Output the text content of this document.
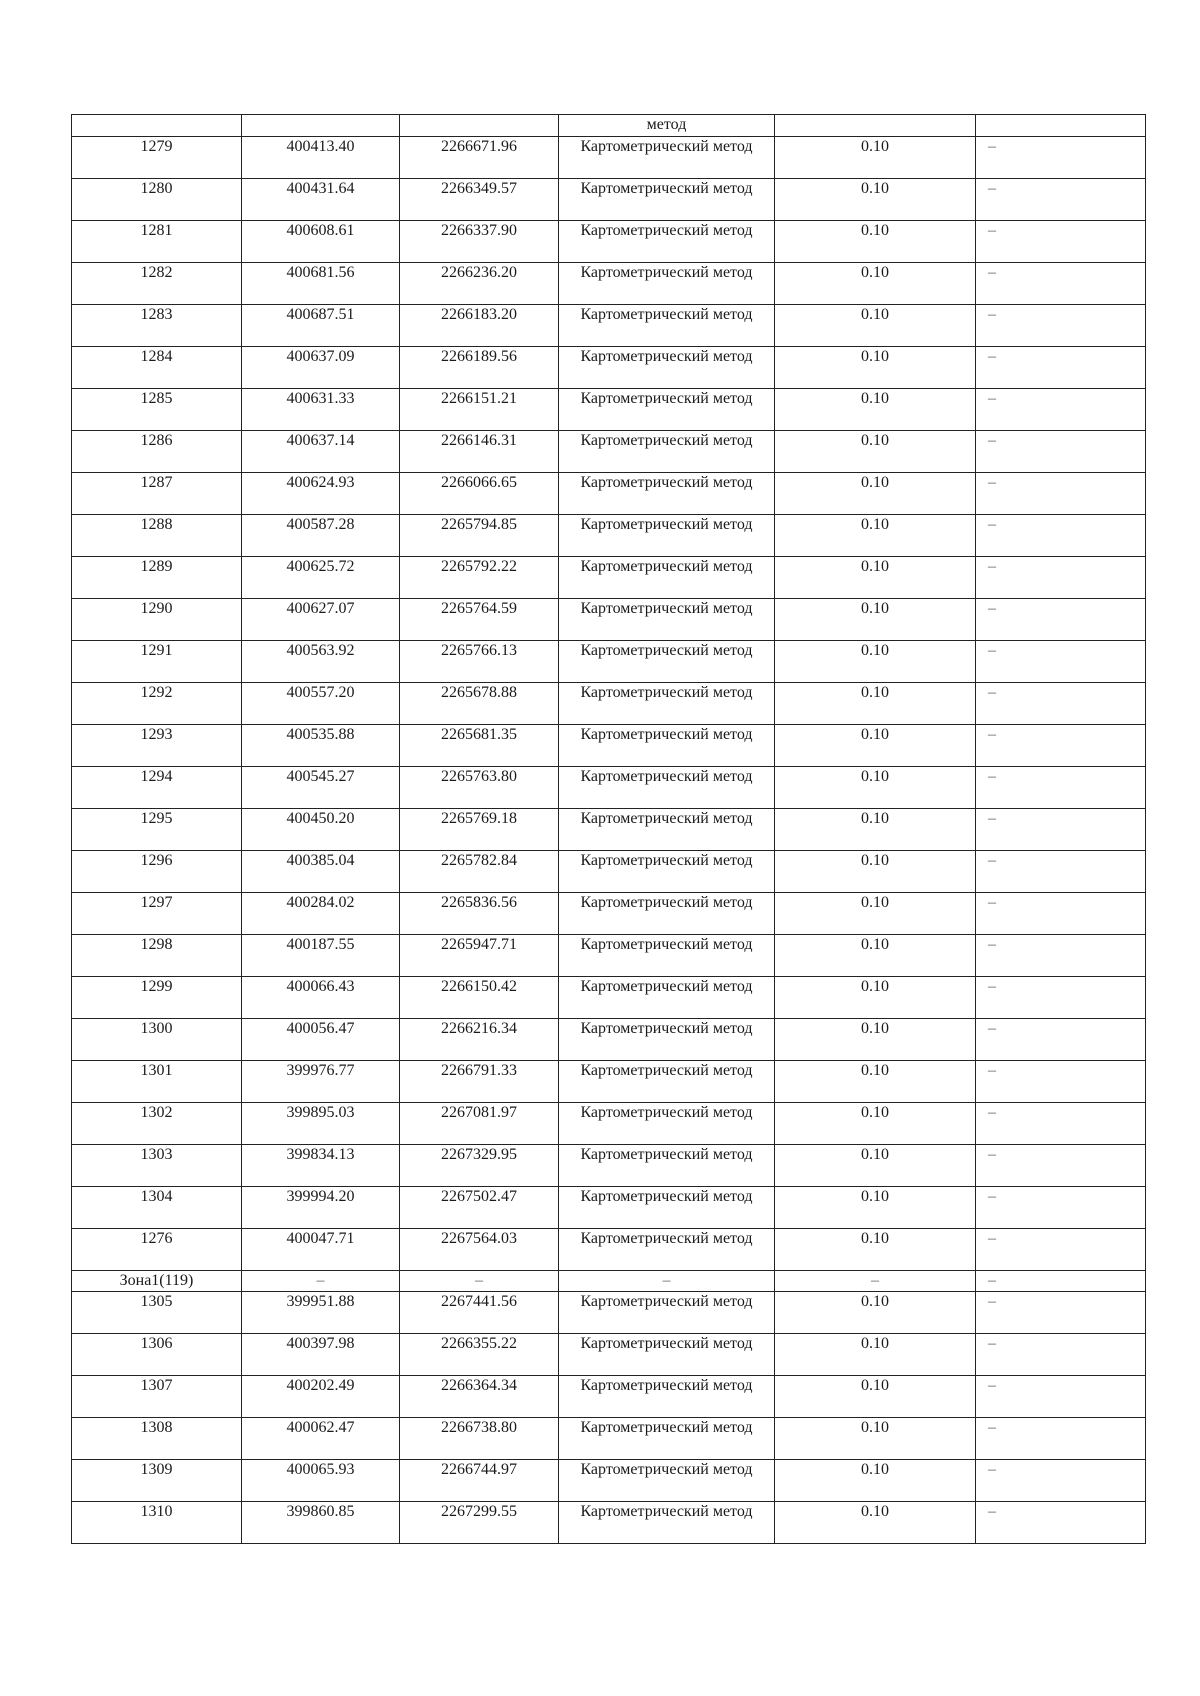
			метод		

1279	400413.40	2266671.96	Картометрический метод	0.10	–
1280	400431.64	2266349.57	Картометрический метод	0.10	–
1281	400608.61	2266337.90	Картометрический метод	0.10	–
1282	400681.56	2266236.20	Картометрический метод	0.10	–
1283	400687.51	2266183.20	Картометрический метод	0.10	–
1284	400637.09	2266189.56	Картометрический метод	0.10	–
1285	400631.33	2266151.21	Картометрический метод	0.10	–
1286	400637.14	2266146.31	Картометрический метод	0.10	–
1287	400624.93	2266066.65	Картометрический метод	0.10	–
1288	400587.28	2265794.85	Картометрический метод	0.10	–
1289	400625.72	2265792.22	Картометрический метод	0.10	–
1290	400627.07	2265764.59	Картометрический метод	0.10	–
1291	400563.92	2265766.13	Картометрический метод	0.10	–
1292	400557.20	2265678.88	Картометрический метод	0.10	–
1293	400535.88	2265681.35	Картометрический метод	0.10	–
1294	400545.27	2265763.80	Картометрический метод	0.10	–
1295	400450.20	2265769.18	Картометрический метод	0.10	–
1296	400385.04	2265782.84	Картометрический метод	0.10	–
1297	400284.02	2265836.56	Картометрический метод	0.10	–
1298	400187.55	2265947.71	Картометрический метод	0.10	–
1299	400066.43	2266150.42	Картометрический метод	0.10	–
1300	400056.47	2266216.34	Картометрический метод	0.10	–
1301	399976.77	2266791.33	Картометрический метод	0.10	–
1302	399895.03	2267081.97	Картометрический метод	0.10	–
1303	399834.13	2267329.95	Картометрический метод	0.10	–
1304	399994.20	2267502.47	Картометрический метод	0.10	–
1276	400047.71	2267564.03	Картометрический метод	0.10	–
Зона1(119)	–	–	–	–	–
1305	399951.88	2267441.56	Картометрический метод	0.10	–
1306	400397.98	2266355.22	Картометрический метод	0.10	–
1307	400202.49	2266364.34	Картометрический метод	0.10	–
1308	400062.47	2266738.80	Картометрический метод	0.10	–
1309	400065.93	2266744.97	Картометрический метод	0.10	–
1310	399860.85	2267299.55	Картометрический метод	0.10	–
